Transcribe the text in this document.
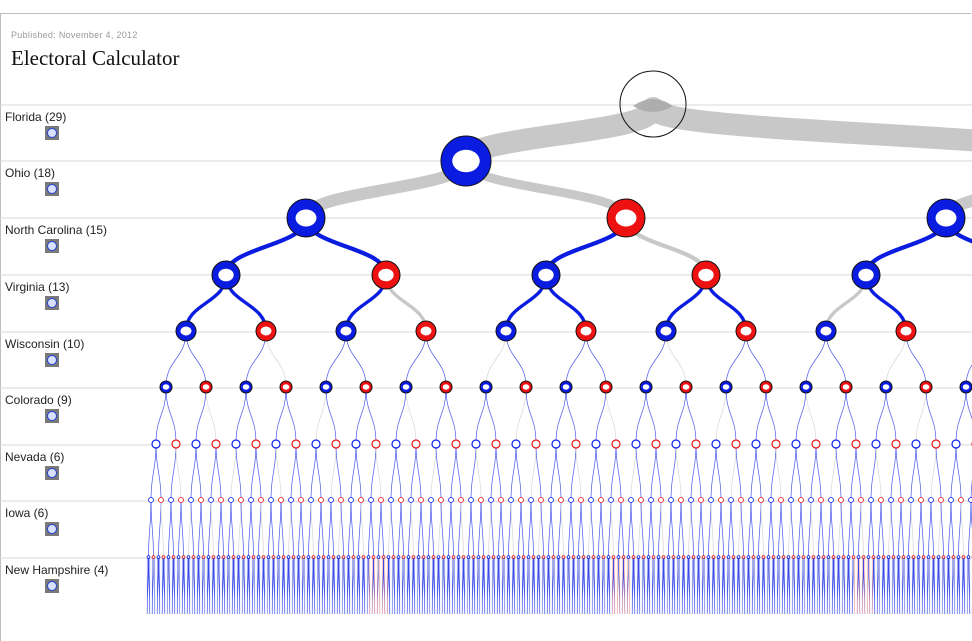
Published: November 4, 2012
Electoral Calculator
Florida (29)
Ohio (18)
North Carolina (15)
Virginia (13)
Wisconsin (10)
Colorado (9)
Nevada (6)
Iowa (6)
New Hampshire (4)
